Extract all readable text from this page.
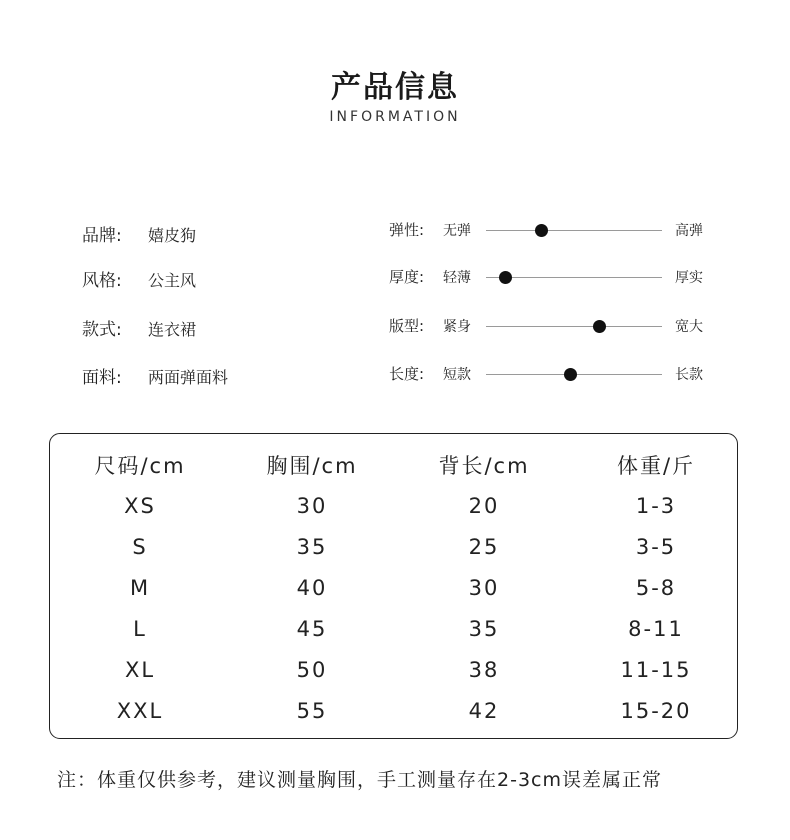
产品信息
INFORMATION
品牌: 嬉皮狗
风格: 公主风
款式: 连衣裙
面料: 两面弹面料
弹性: 无弹	高弹
厚度: 轻薄	厚实
版型: 紧身	宽大
长度: 短款	长款
尺码/cm	胸围/cm	背长/cm	体重/斤
XS	30	20	1-3
S	35	25	3-5
M	40	30	5-8
L	45	35	8-11
XL	50	38	11-15
XXL	55	42	15-20
注：体重仅供参考，建议测量胸围，手工测量存在2-3cm误差属正常
